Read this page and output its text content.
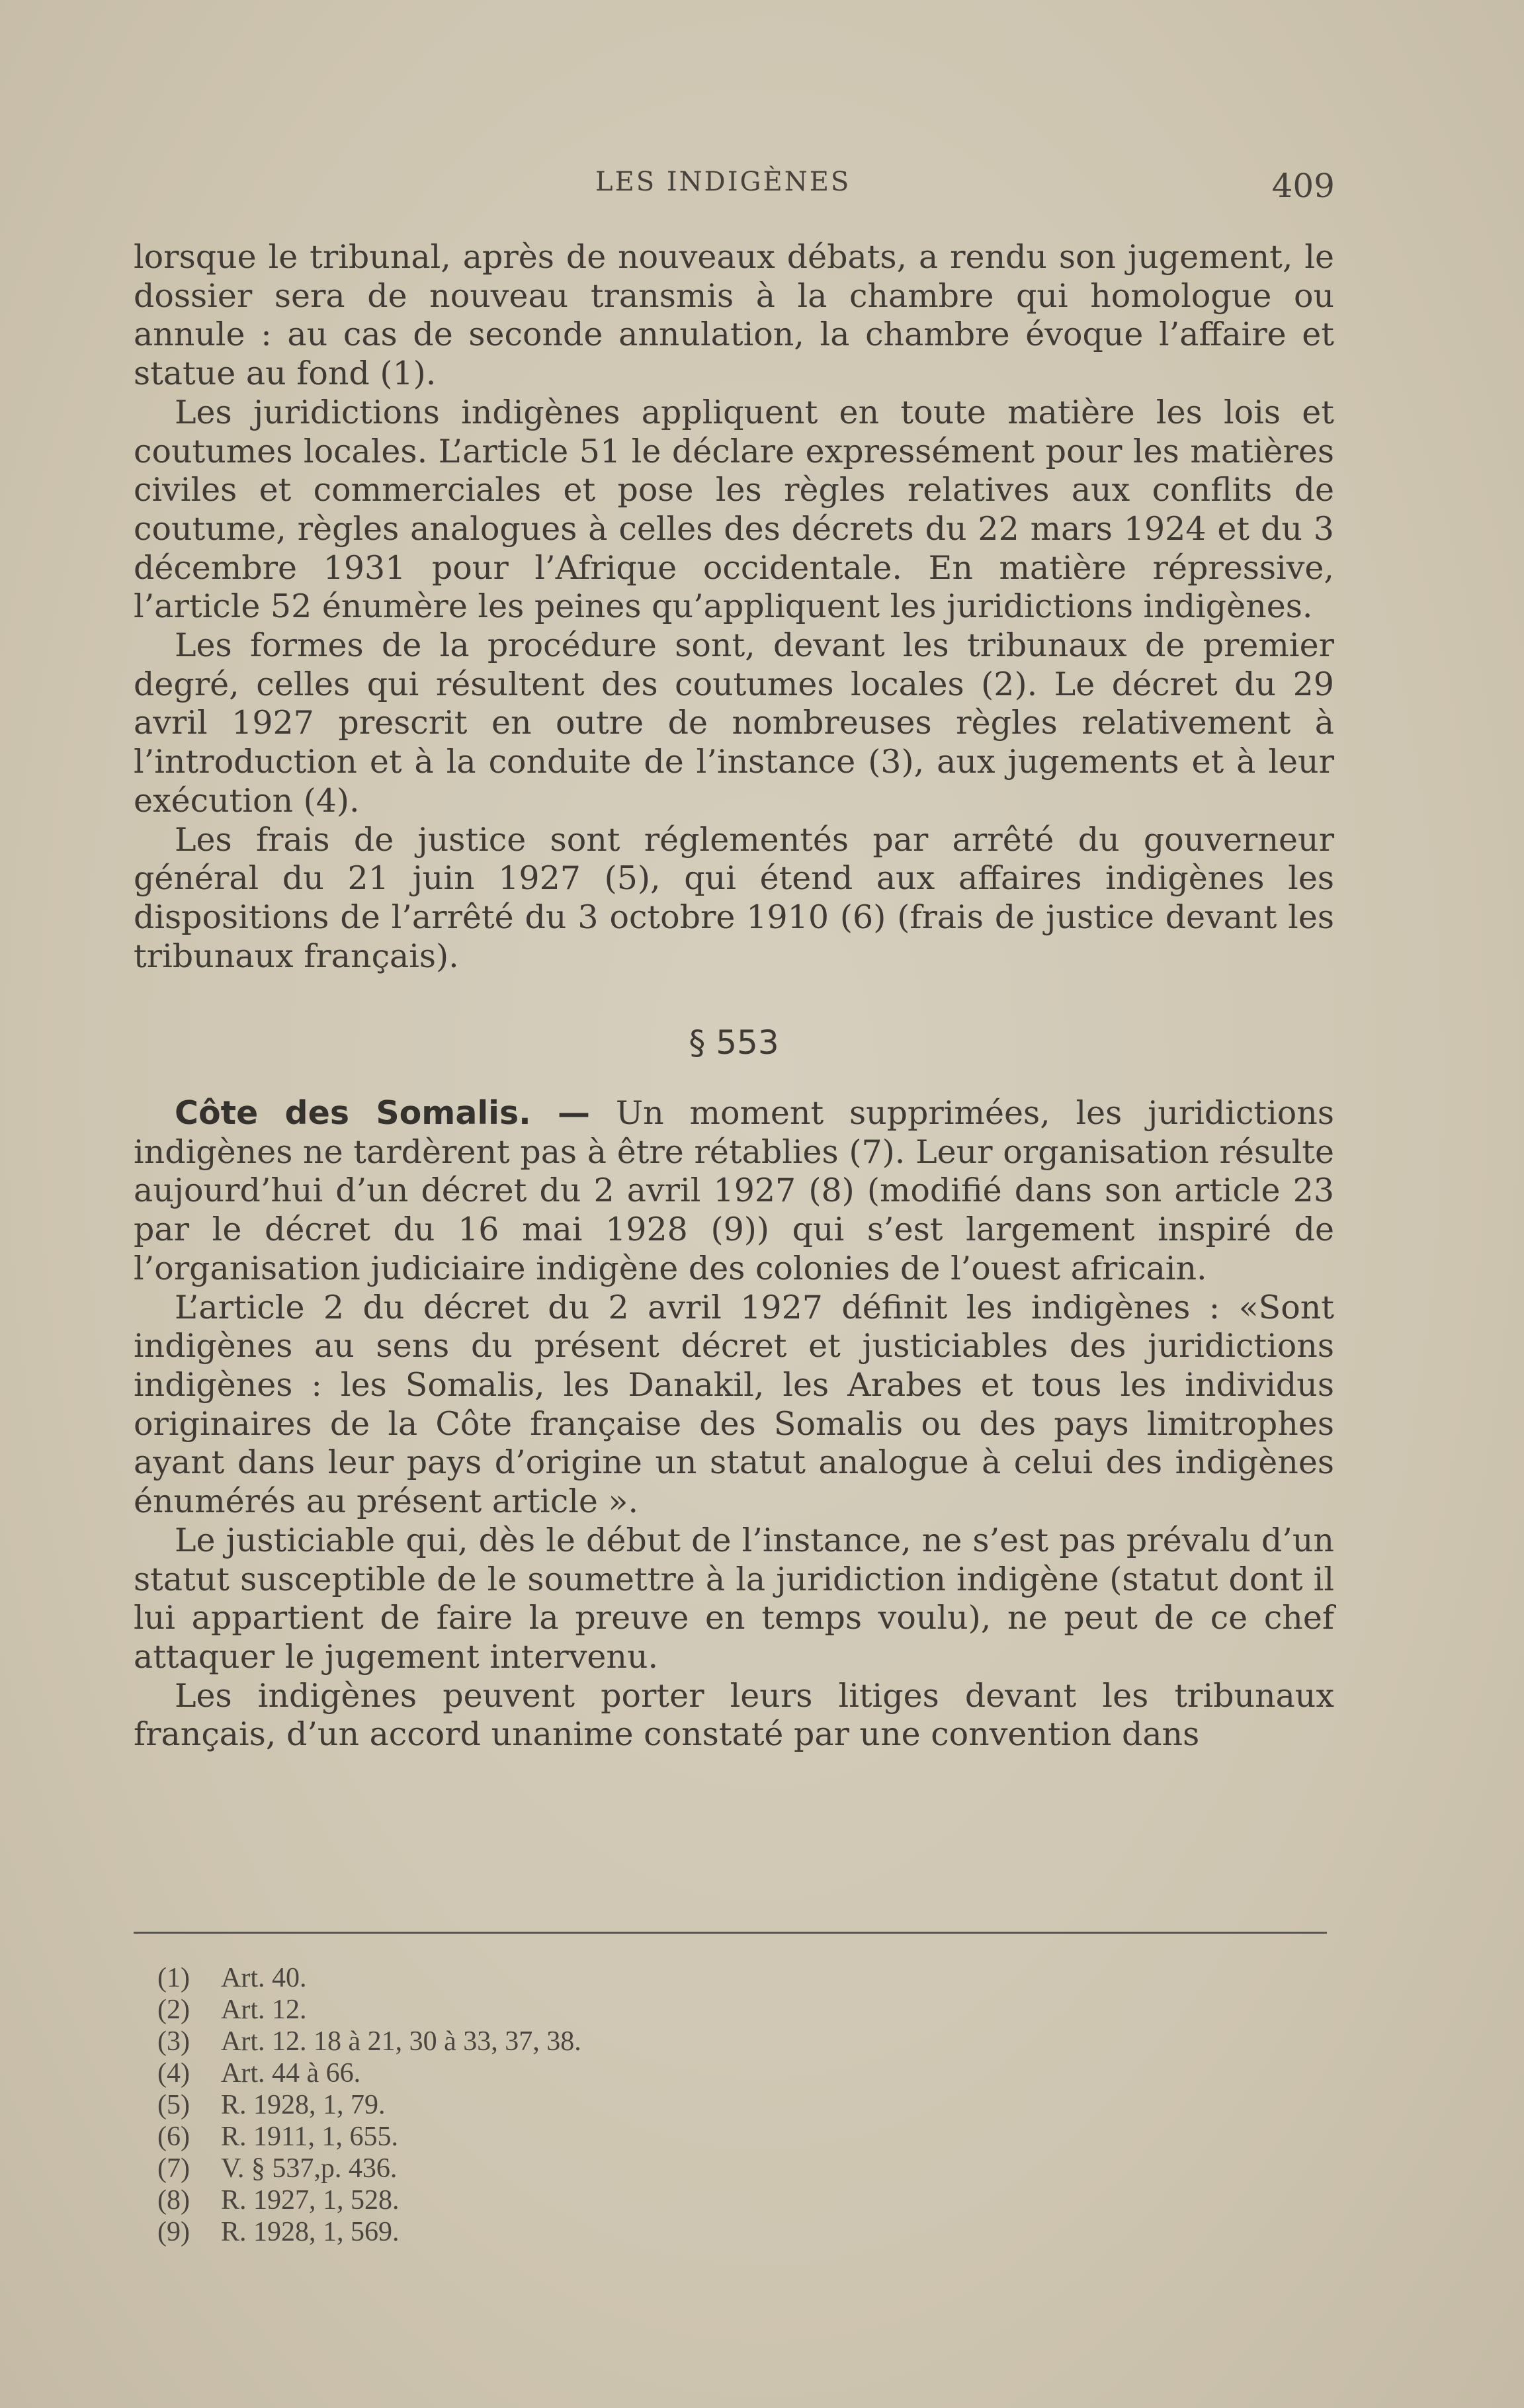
LES INDIGÈNES	409

lorsque le tribunal, après de nouveaux débats, a rendu son jugement, le dossier sera de nouveau transmis à la chambre qui homologue ou annule : au cas de seconde annulation, la chambre évoque l’affaire et statue au fond (1).

Les juridictions indigènes appliquent en toute matière les lois et coutumes locales. L’article 51 le déclare expressément pour les matières civiles et commerciales et pose les règles relatives aux conflits de coutume, règles analogues à celles des décrets du 22 mars 1924 et du 3 décembre 1931 pour l’Afrique occidentale. En matière répressive, l’article 52 énumère les peines qu’appliquent les juridictions indigènes.

Les formes de la procédure sont, devant les tribunaux de premier degré, celles qui résultent des coutumes locales (2). Le décret du 29 avril 1927 prescrit en outre de nombreuses règles relativement à l’introduction et à la conduite de l’instance (3), aux jugements et à leur exécution (4).

Les frais de justice sont réglementés par arrêté du gouverneur général du 21 juin 1927 (5), qui étend aux affaires indigènes les dispositions de l’arrêté du 3 octobre 1910 (6) (frais de justice devant les tribunaux français).

§ 553

Côte des Somalis. — Un moment supprimées, les juridictions indigènes ne tardèrent pas à être rétablies (7). Leur organisation résulte aujourd’hui d’un décret du 2 avril 1927 (8) (modifié dans son article 23 par le décret du 16 mai 1928 (9)) qui s’est largement inspiré de l’organisation judiciaire indigène des colonies de l’ouest africain.

L’article 2 du décret du 2 avril 1927 définit les indigènes : «Sont indigènes au sens du présent décret et justiciables des juridictions indigènes : les Somalis, les Danakil, les Arabes et tous les individus originaires de la Côte française des Somalis ou des pays limitrophes ayant dans leur pays d’origine un statut analogue à celui des indigènes énumérés au présent article ».

Le justiciable qui, dès le début de l’instance, ne s’est pas prévalu d’un statut susceptible de le soumettre à la juridiction indigène (statut dont il lui appartient de faire la preuve en temps voulu), ne peut de ce chef attaquer le jugement intervenu.

Les indigènes peuvent porter leurs litiges devant les tribunaux français, d’un accord unanime constaté par une convention dans

(1) Art. 40.
(2) Art. 12.
(3) Art. 12. 18 à 21, 30 à 33, 37, 38.
(4) Art. 44 à 66.
(5) R. 1928, 1, 79.
(6) R. 1911, 1, 655.
(7) V. § 537,p. 436.
(8) R. 1927, 1, 528.
(9) R. 1928, 1, 569.
